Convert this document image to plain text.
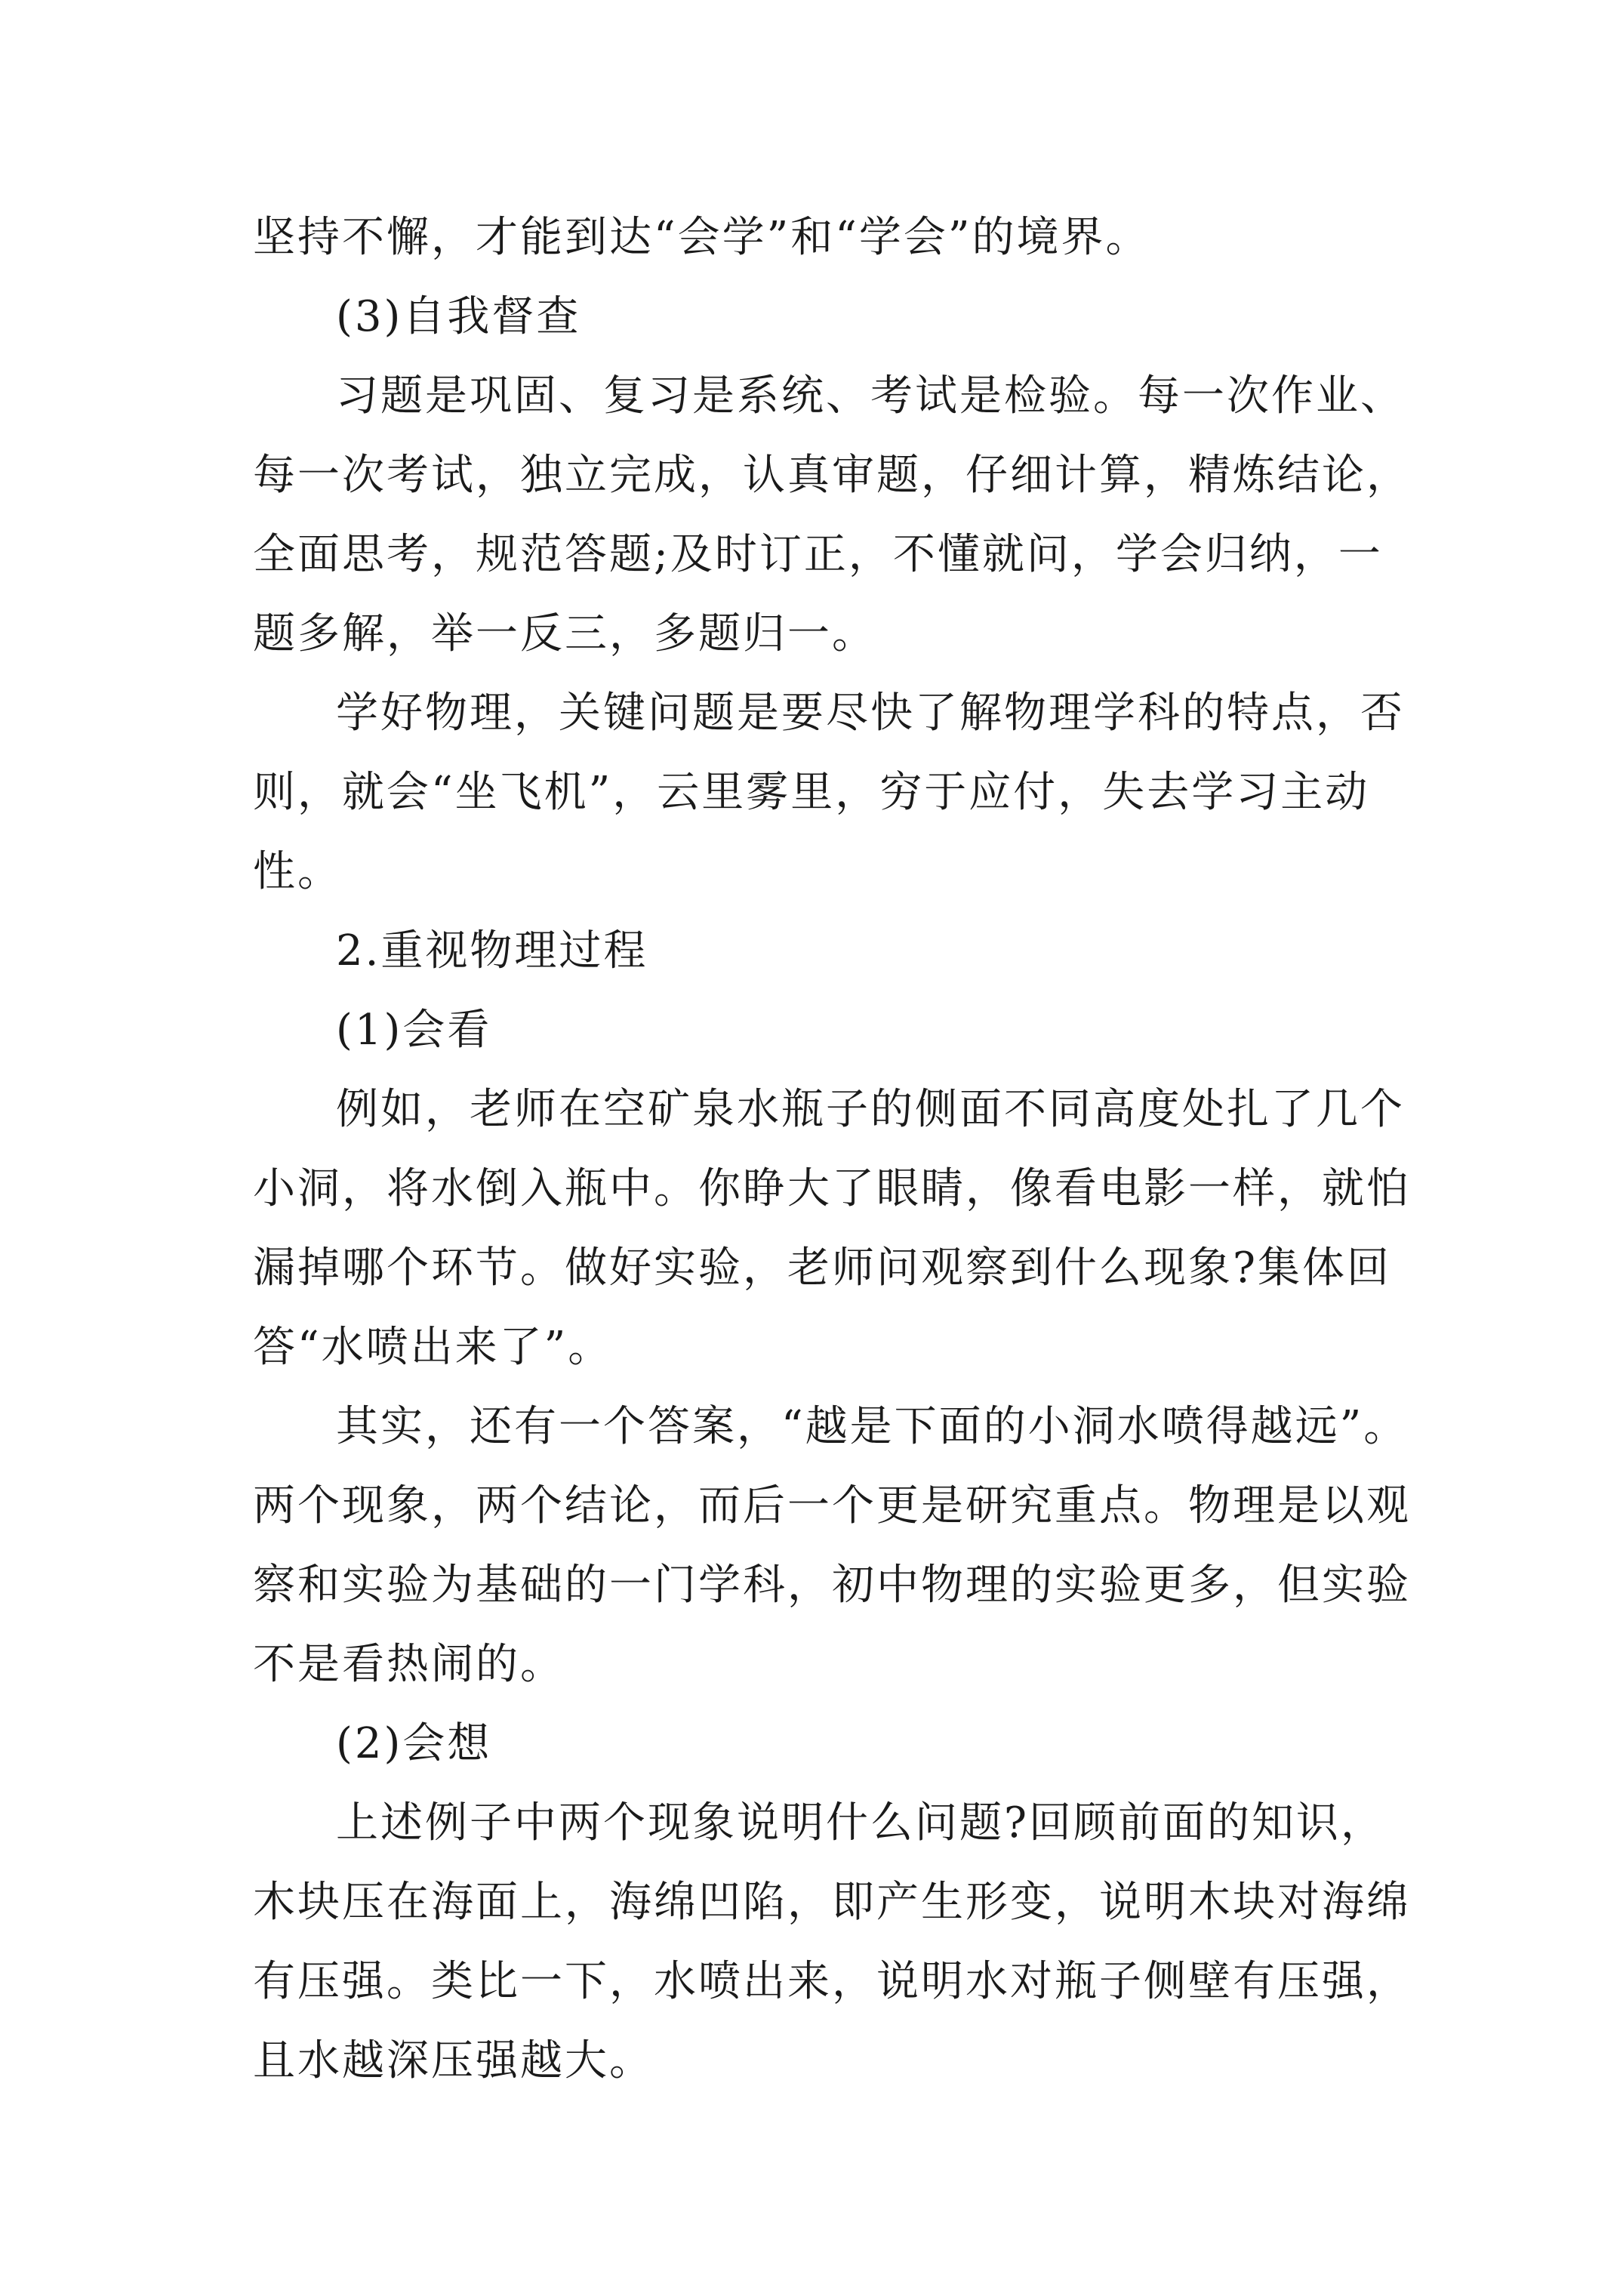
坚持不懈，才能到达“会学”和“学会”的境界。
(3)自我督查
习题是巩固、复习是系统、考试是检验。每一次作业、
每一次考试，独立完成，认真审题，仔细计算，精炼结论，
全面思考，规范答题;及时订正，不懂就问，学会归纳，一
题多解，举一反三，多题归一。
学好物理，关键问题是要尽快了解物理学科的特点，否
则，就会“坐飞机”，云里雾里，穷于应付，失去学习主动
性。
2.重视物理过程
(1)会看
例如，老师在空矿泉水瓶子的侧面不同高度处扎了几个
小洞，将水倒入瓶中。你睁大了眼睛，像看电影一样，就怕
漏掉哪个环节。做好实验，老师问观察到什么现象?集体回
答“水喷出来了”。
其实，还有一个答案，“越是下面的小洞水喷得越远”。
两个现象，两个结论，而后一个更是研究重点。物理是以观
察和实验为基础的一门学科，初中物理的实验更多，但实验
不是看热闹的。
(2)会想
上述例子中两个现象说明什么问题?回顾前面的知识，
木块压在海面上，海绵凹陷，即产生形变，说明木块对海绵
有压强。类比一下，水喷出来，说明水对瓶子侧壁有压强，
且水越深压强越大。
